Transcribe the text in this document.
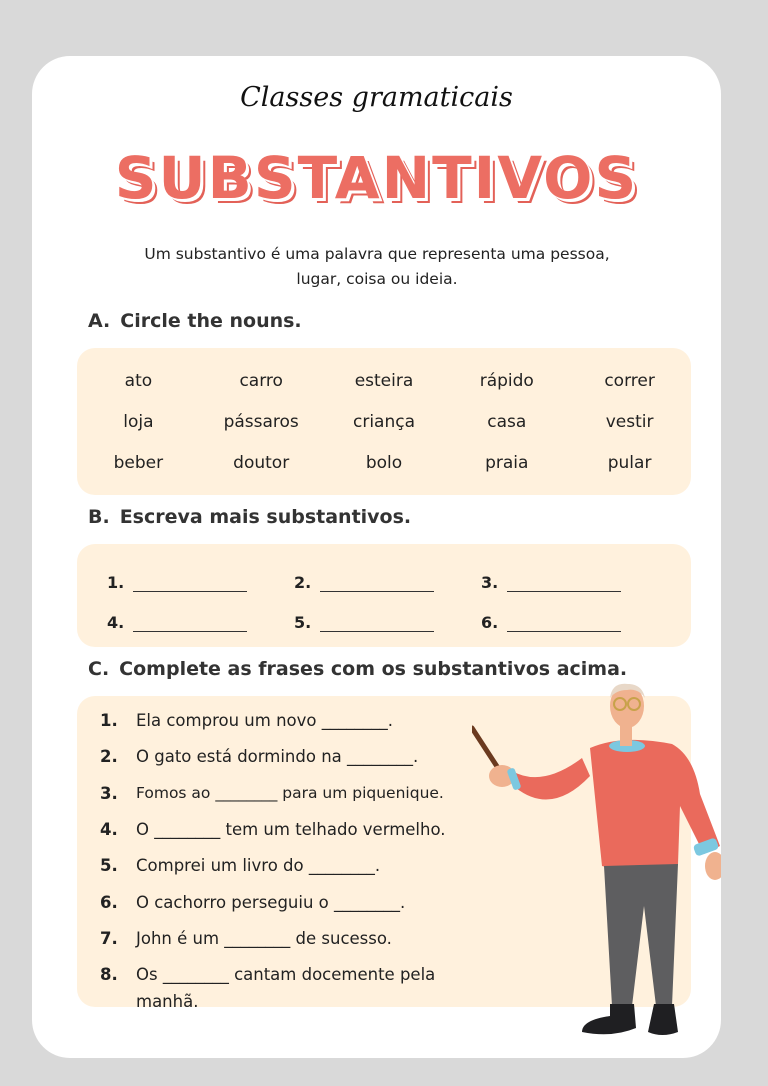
Classes gramaticais
SUBSTANTIVOS
Um substantivo é uma palavra que representa uma pessoa, lugar, coisa ou ideia.
A. Circle the nouns.
ato	carro	esteira	rápido	correr
loja	pássaros	criança	casa	vestir
beber	doutor	bolo	praia	pular
B. Escreva mais substantivos.
1.	2.	3.
4.	5.	6.
C. Complete as frases com os substantivos acima.
1.	Ela comprou um novo ________.
2.	O gato está dormindo na ________.
3.	Fomos ao ________ para um piquenique.
4.	O ________ tem um telhado vermelho.
5.	Comprei um livro do ________.
6.	O cachorro perseguiu o ________.
7.	John é um ________ de sucesso.
8.	Os ________ cantam docemente pela manhã.
